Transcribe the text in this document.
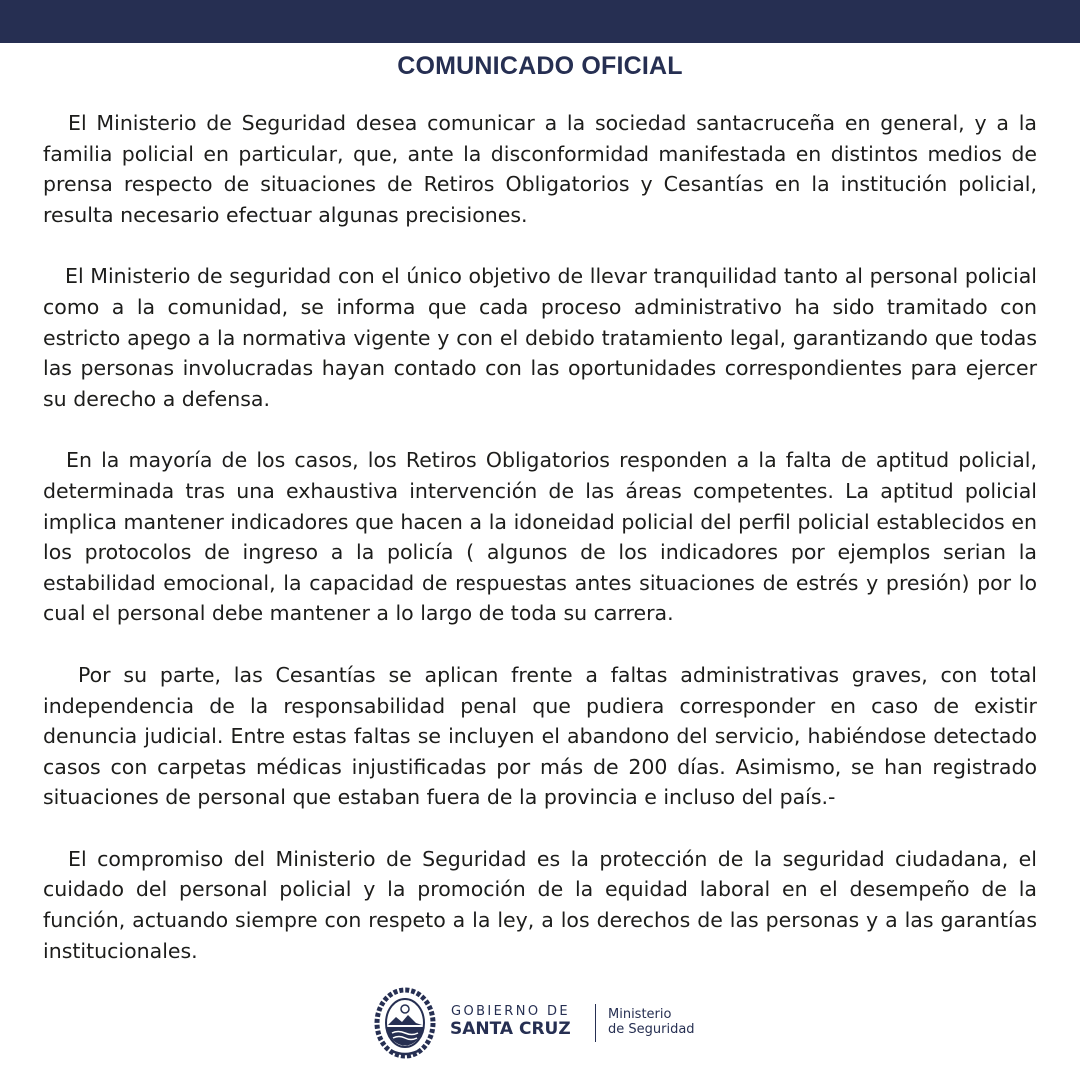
COMUNICADO OFICIAL

El Ministerio de Seguridad desea comunicar a la sociedad santacruceña en general, y a la familia policial en particular, que, ante la disconformidad manifestada en distintos medios de prensa respecto de situaciones de Retiros Obligatorios y Cesantías en la institución policial, resulta necesario efectuar algunas precisiones.

El Ministerio de seguridad con el único objetivo de llevar tranquilidad tanto al personal policial como a la comunidad, se informa que cada proceso administrativo ha sido tramitado con estricto apego a la normativa vigente y con el debido tratamiento legal, garantizando que todas las personas involucradas hayan contado con las oportunidades correspondientes para ejercer su derecho a defensa.

En la mayoría de los casos, los Retiros Obligatorios responden a la falta de aptitud policial, determinada tras una exhaustiva intervención de las áreas competentes. La aptitud policial implica mantener indicadores que hacen a la idoneidad policial del perfil policial establecidos en los protocolos de ingreso a la policía ( algunos de los indicadores por ejemplos serian la estabilidad emocional, la capacidad de respuestas antes situaciones de estrés y presión) por lo cual el personal debe mantener a lo largo de toda su carrera.

Por su parte, las Cesantías se aplican frente a faltas administrativas graves, con total independencia de la responsabilidad penal que pudiera corresponder en caso de existir denuncia judicial. Entre estas faltas se incluyen el abandono del servicio, habiéndose detectado casos con carpetas médicas injustificadas por más de 200 días. Asimismo, se han registrado situaciones de personal que estaban fuera de la provincia e incluso del país.-

El compromiso del Ministerio de Seguridad es la protección de la seguridad ciudadana, el cuidado del personal policial y la promoción de la equidad laboral en el desempeño de la función, actuando siempre con respeto a la ley, a los derechos de las personas y a las garantías institucionales.

GOBIERNO DE
SANTA CRUZ
Ministerio
de Seguridad
